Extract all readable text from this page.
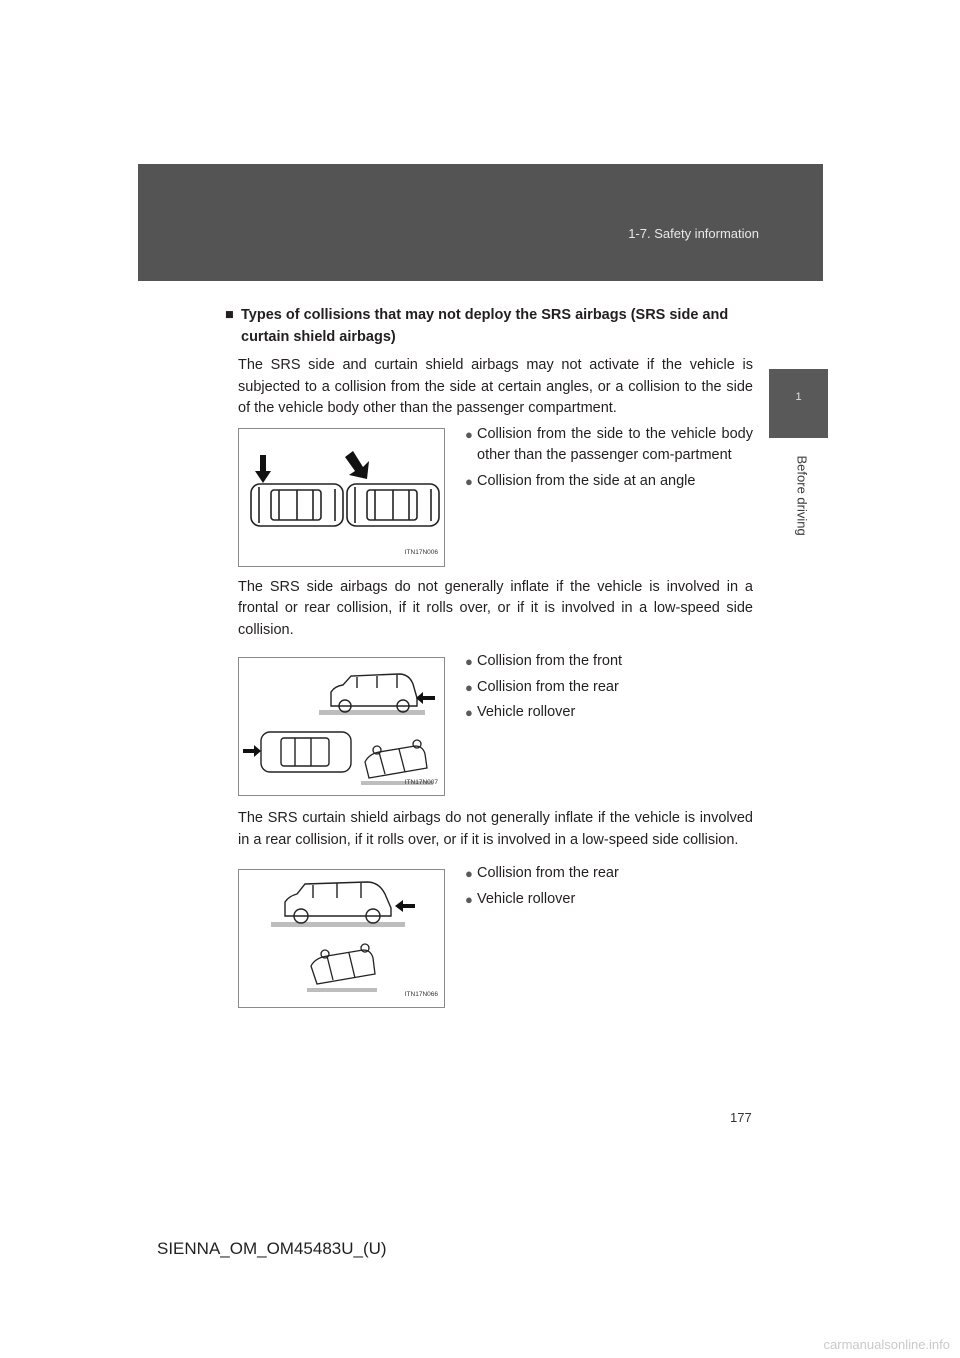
1-7. Safety information
1
Before driving
■ Types of collisions that may not deploy the SRS airbags (SRS side and curtain shield airbags)
The SRS side and curtain shield airbags may not activate if the vehicle is subjected to a collision from the side at certain angles, or a collision to the side of the vehicle body other than the passenger compartment.
ITN17N006
● Collision from the side to the vehicle body other than the passenger com-partment
● Collision from the side at an angle
The SRS side airbags do not generally inflate if the vehicle is involved in a frontal or rear collision, if it rolls over, or if it is involved in a low-speed side collision.
ITN17N007
● Collision from the front
● Collision from the rear
● Vehicle rollover
The SRS curtain shield airbags do not generally inflate if the vehicle is involved in a rear collision, if it rolls over, or if it is involved in a low-speed side collision.
ITN17N066
● Collision from the rear
● Vehicle rollover
177
SIENNA_OM_OM45483U_(U)
carmanualsonline.info
